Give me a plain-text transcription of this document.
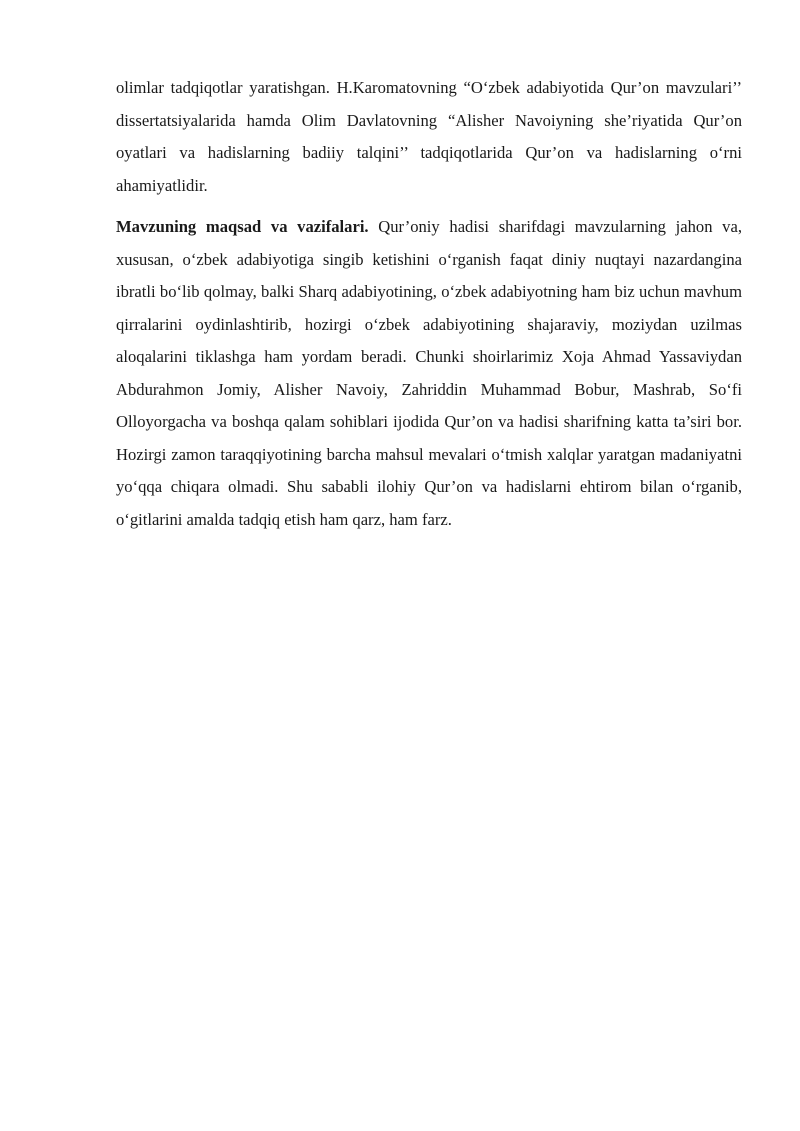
olimlar tadqiqotlar yaratishgan. H.Karomatovning “O‘zbek adabiyotida Qur’on mavzulari’’ dissertatsiyalarida hamda Olim Davlatovning “Alisher Navoiyning she’riyatida Qur’on oyatlari va hadislarning badiiy talqini’’ tadqiqotlarida Qur’on va hadislarning o‘rni ahamiyatlidir.

Mavzuning maqsad va vazifalari. Qur’oniy hadisi sharifdagi mavzularning jahon va, xususan, o‘zbek adabiyotiga singib ketishini o‘rganish faqat diniy nuqtayi nazardangina ibratli bo‘lib qolmay, balki Sharq adabiyotining, o‘zbek adabiyotning ham biz uchun mavhum qirralarini oydinlashtirib, hozirgi o‘zbek adabiyotining shajaraviy, moziydan uzilmas aloqalarini tiklashga ham yordam beradi. Chunki shoirlarimiz Xoja Ahmad Yassaviydan Abdurahmon Jomiy, Alisher Navoiy, Zahriddin Muhammad Bobur, Mashrab, So‘fi Olloyorgacha va boshqa qalam sohiblari ijodida Qur’on va hadisi sharifning katta ta’siri bor. Hozirgi zamon taraqqiyotining barcha mahsul mevalari o‘tmish xalqlar yaratgan madaniyatni yo‘qqa chiqara olmadi. Shu sababli ilohiy Qur’on va hadislarni ehtirom bilan o‘rganib, o‘gitlarini amalda tadqiq etish ham qarz, ham farz.
